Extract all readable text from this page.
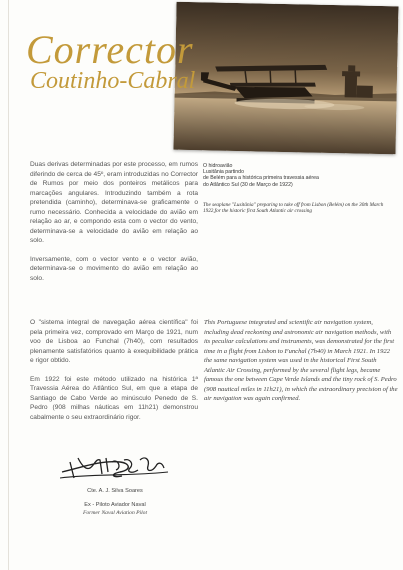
Corrector
Coutinho-Cabral
O hidroavião
Lusitânia partindo
de Belém para a histórica primeira travessia aérea
do Atlântico Sul (30 de Março de 1922)
The seaplane "Lusitânia" preparing to take off from Lisbon (Belém) on the 30th March
1922,for the historic first South Atlantic air crossing

Duas derivas determinadas por este processo, em rumos diferindo de cerca de 45º, eram introduzidas no Corrector de Rumos por meio dos ponteiros metálicos para marcações angulares. Introduzindo também a rota pretendida (caminho), determinava-se graficamente o rumo necessário. Conhecida a velocidade do avião em relação ao ar, e compondo esta com o vector do vento, determinava-se a velocidade do avião em relação ao solo.

Inversamente, com o vector vento e o vector avião, determinava-se o movimento do avião em relação ao solo.

O "sistema integral de navegação aérea científica" foi pela primeira vez, comprovado em Março de 1921, num voo de Lisboa ao Funchal (7h40), com resultados plenamente satisfatórios quanto à exequibilidade prática e rigor obtido.

Em 1922 foi este método utilizado na histórica 1ª Travessia Aérea do Atlântico Sul, em que a etapa de Santiago de Cabo Verde ao minúsculo Penedo de S. Pedro (908 milhas náuticas em 11h21) demonstrou cabalmente o seu extraordinário rigor.

This Portuguese integrated and scientific air navigation system, including dead reckoning and astronomic air navigation methods, with its peculiar calculations and instruments, was demonstrated for the first time in a flight from Lisbon to Funchal (7h40) in March 1921. In 1922 the same navigation system was used in the historical First South Atlantic Air Crossing, performed by the several flight legs, became famous the one between Cape Verde Islands and the tiny rock of S. Pedro (908 nautical miles in 11h21), in which the extraordinary precision of the air navigation was again confirmed.
Cte. A. J. Silva Soares
Ex - Piloto Aviador Naval
Former Naval Aviation Pilot
